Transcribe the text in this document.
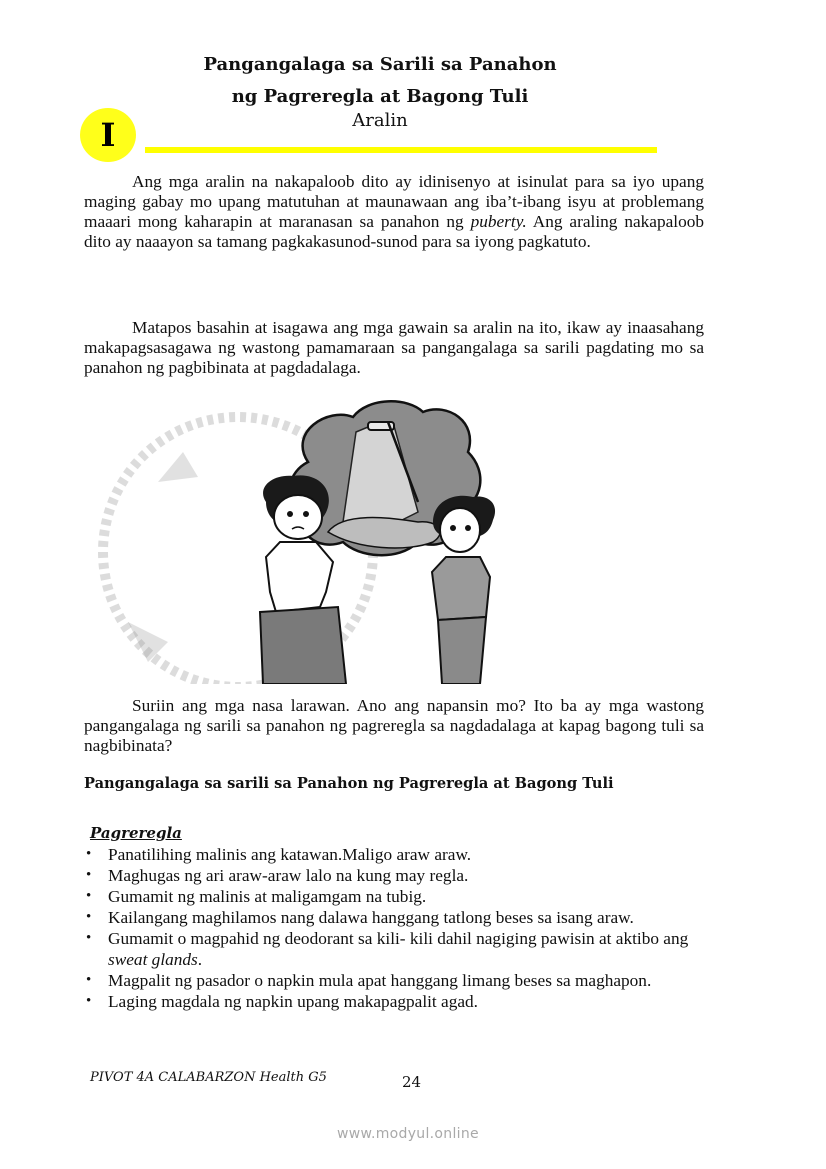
Pangangalaga sa Sarili sa Panahon
ng Pagreregla at Bagong Tuli
Aralin
I
Ang mga aralin na nakapaloob dito ay idinisenyo at isinulat para sa iyo upang maging gabay mo upang matutuhan at maunawaan ang iba’t-ibang isyu at problemang maaari mong kaharapin at maranasan sa panahon ng puberty. Ang araling nakapaloob dito ay naaayon sa tamang pagkakasunod-sunod para sa iyong pagkatuto.
Matapos basahin at isagawa ang mga gawain sa aralin na ito, ikaw ay inaasahang makapagsasagawa ng wastong pamamaraan sa pangangalaga sa sarili pagdating mo sa panahon ng pagbibinata at pagdadalaga.
Suriin ang mga nasa larawan. Ano ang napansin mo? Ito ba ay mga wastong pangangalaga ng sarili sa panahon ng pagreregla sa nagdadalaga at kapag bagong tuli sa nagbibinata?
Pangangalaga sa sarili sa Panahon ng Pagreregla at Bagong Tuli
Pagreregla
• Panatilihing malinis ang katawan.Maligo araw araw.
• Maghugas ng ari araw-araw lalo na kung may regla.
• Gumamit ng malinis at maligamgam na tubig.
• Kailangang maghilamos nang dalawa hanggang tatlong beses sa isang araw.
• Gumamit o magpahid ng deodorant sa kili- kili dahil nagiging pawisin at aktibo ang sweat glands.
• Magpalit ng pasador o napkin mula apat hanggang limang beses sa maghapon.
• Laging magdala ng napkin upang makapagpalit agad.
PIVOT 4A CALABARZON Health G5	24
www.modyul.online
